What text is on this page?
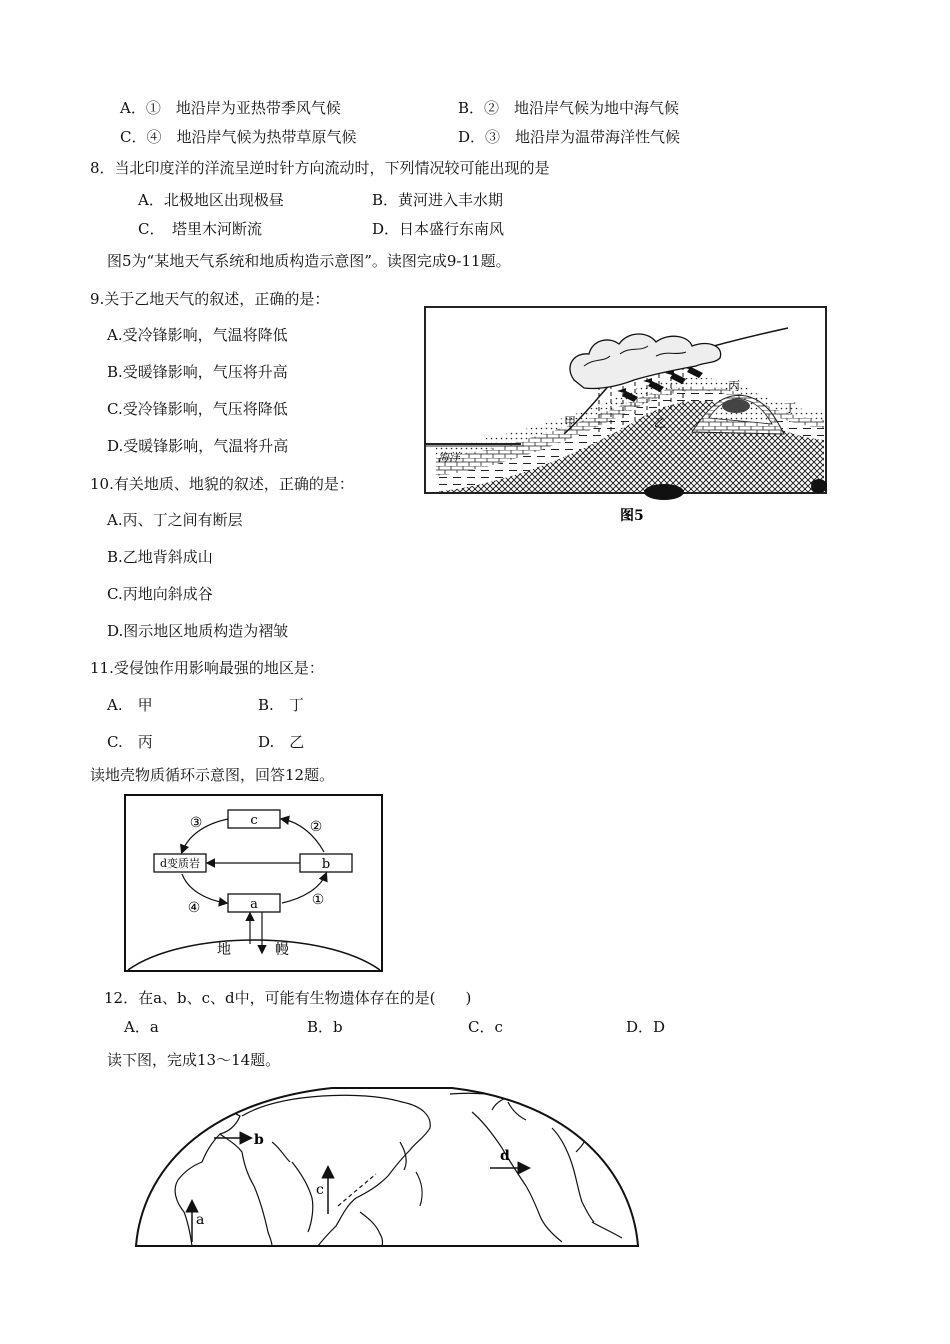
A．①　地沿岸为亚热带季风气候	B．②　地沿岸气候为地中海气候
C．④　地沿岸气候为热带草原气候	D．③　地沿岸为温带海洋性气候
8．当北印度洋的洋流呈逆时针方向流动时，下列情况较可能出现的是
A．北极地区出现极昼	B．黄河进入丰水期
C．　塔里木河断流	D．日本盛行东南风
图5为“某地天气系统和地质构造示意图”。读图完成9-11题。
9.关于乙地天气的叙述，正确的是：
A.受冷锋影响，气温将降低
B.受暖锋影响，气压将升高
C.受冷锋影响，气压将降低
D.受暖锋影响，气温将升高
10.有关地质、地貌的叙述，正确的是：
A.丙、丁之间有断层
B.乙地背斜成山
C.丙地向斜成谷
D.图示地区地质构造为褶皱
11.受侵蚀作用影响最强的地区是：
A.　甲	B.　丁
C.　丙	D.　乙
甲	乙
丙
丁
海洋
图5
读地壳物质循环示意图，回答12题。
c
b
d变质岩
a
③	②
④	①
地	幔
12．在a、b、c、d中，可能有生物遗体存在的是(　　)
A．a	B．b	C．c	D．D
读下图，完成13～14题。
a
b
c
d
